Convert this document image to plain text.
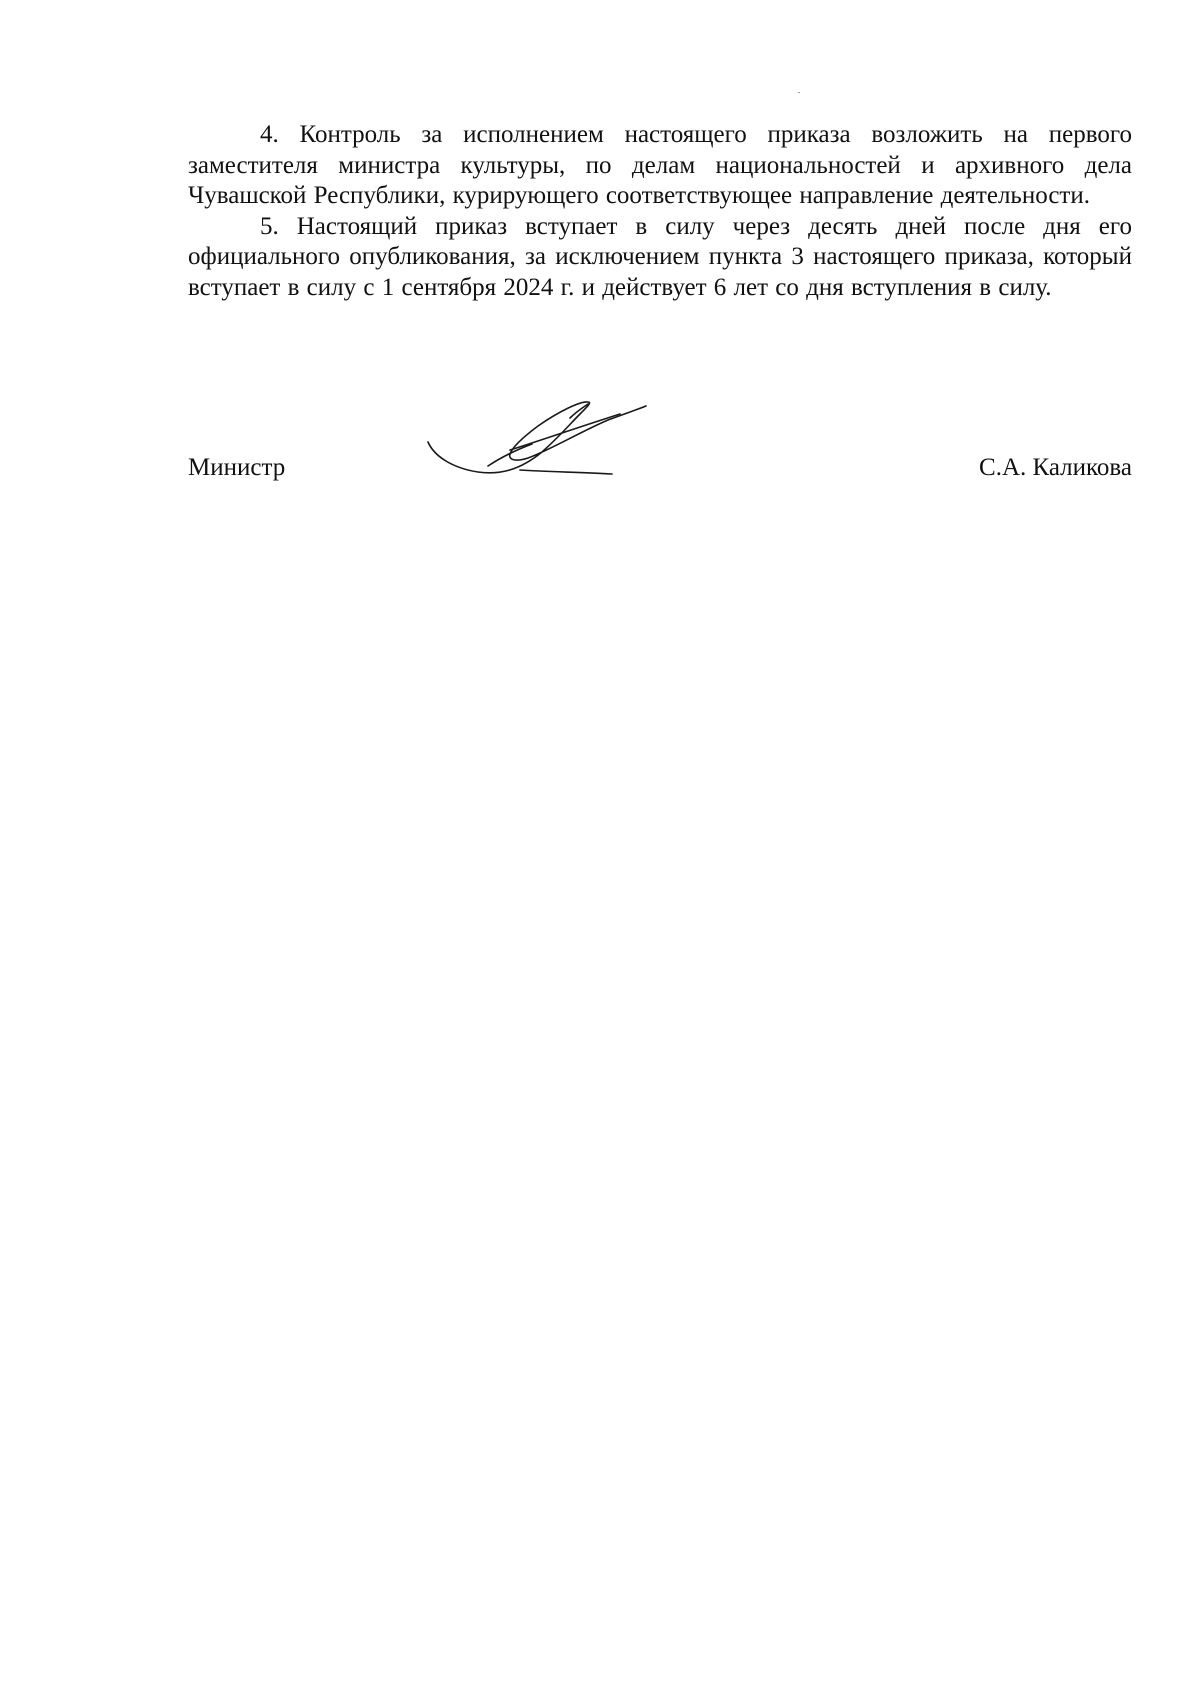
4. Контроль за исполнением настоящего приказа возложить на первого заместителя министра культуры, по делам национальностей и архивного дела Чувашской Республики, курирующего соответствующее направление деятельности.

5. Настоящий приказ вступает в силу через десять дней после дня его официального опубликования, за исключением пункта 3 настоящего приказа, который вступает в силу с 1 сентября 2024 г. и действует 6 лет со дня вступления в силу.

Министр	С.А. Каликова
